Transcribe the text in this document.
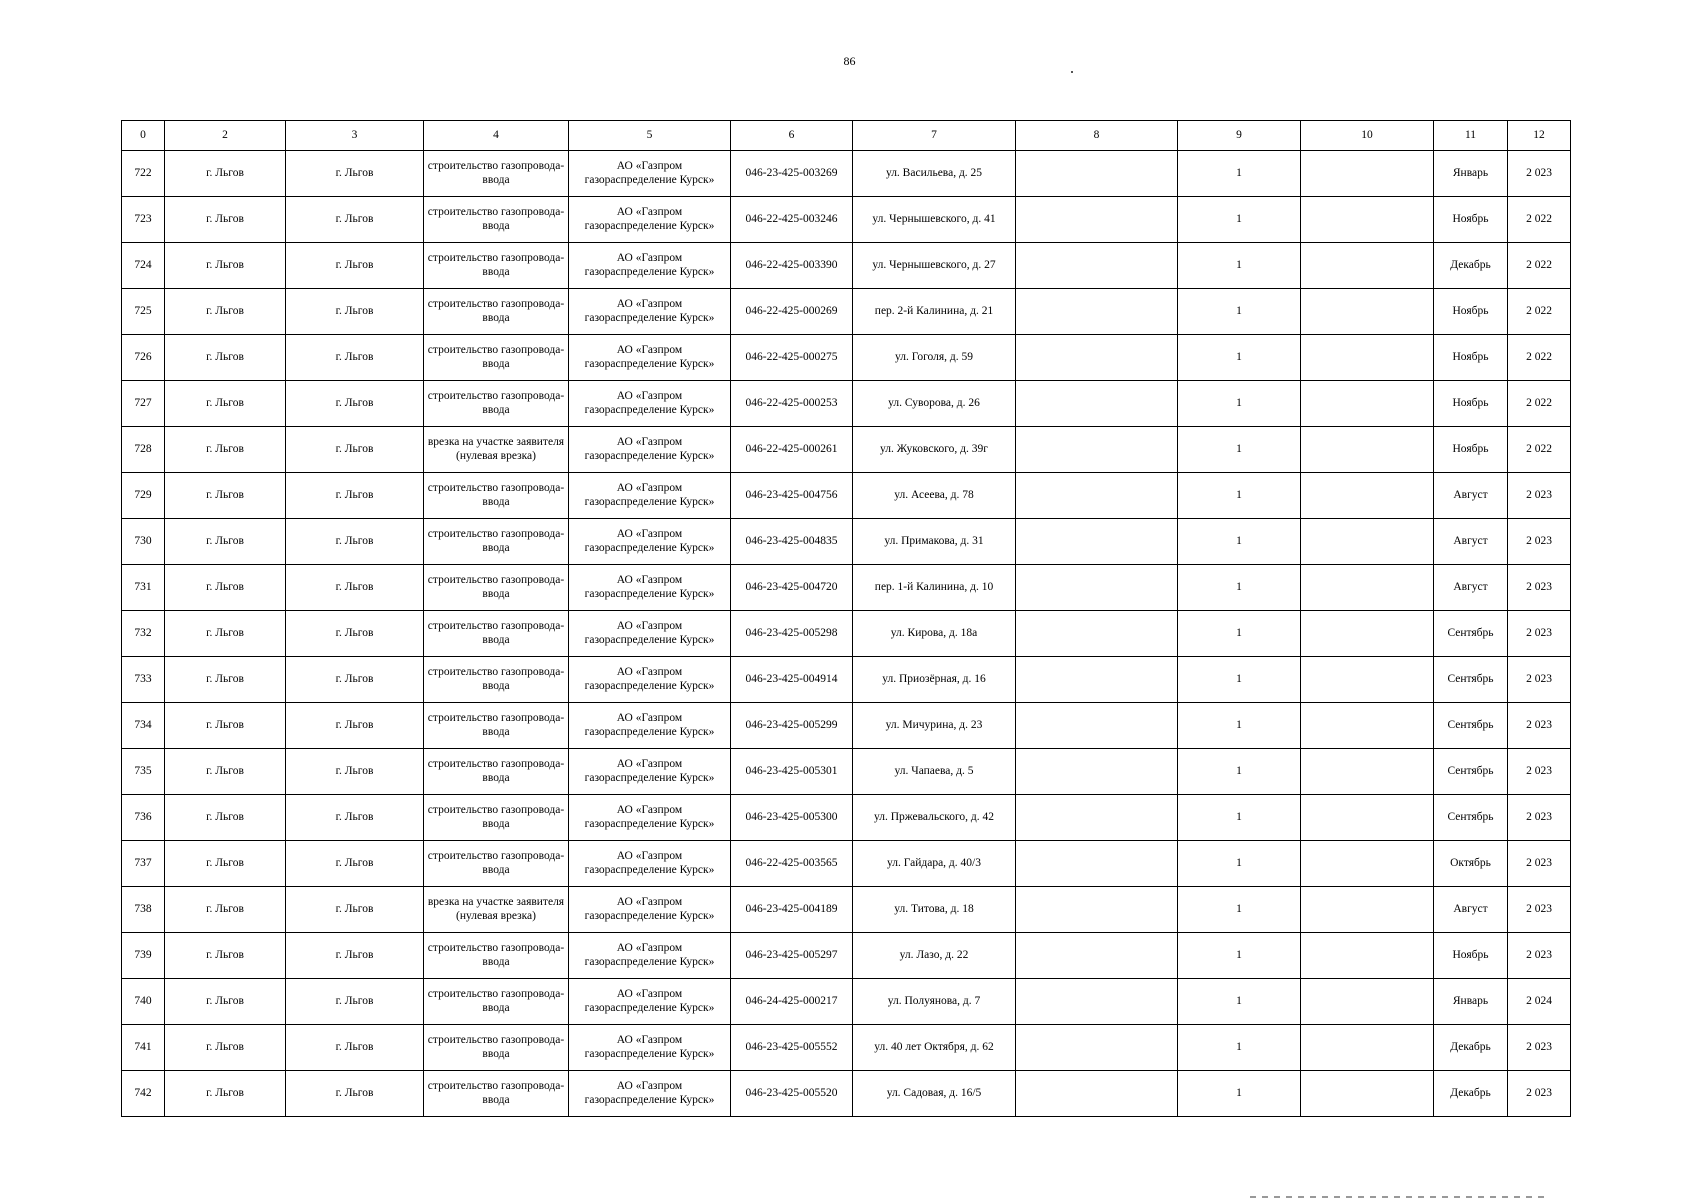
86
0	2	3	4	5	6	7	8	9	10	11	12
722	г. Льгов	г. Льгов	строительство газопровода-ввода	АО «Газпром газораспределение Курск»	046-23-425-003269	ул. Васильева, д. 25		1		Январь	2 023
723	г. Льгов	г. Льгов	строительство газопровода-ввода	АО «Газпром газораспределение Курск»	046-22-425-003246	ул. Чернышевского, д. 41		1		Ноябрь	2 022
724	г. Льгов	г. Льгов	строительство газопровода-ввода	АО «Газпром газораспределение Курск»	046-22-425-003390	ул. Чернышевского, д. 27		1		Декабрь	2 022
725	г. Льгов	г. Льгов	строительство газопровода-ввода	АО «Газпром газораспределение Курск»	046-22-425-000269	пер. 2-й Калинина, д. 21		1		Ноябрь	2 022
726	г. Льгов	г. Льгов	строительство газопровода-ввода	АО «Газпром газораспределение Курск»	046-22-425-000275	ул. Гоголя, д. 59		1		Ноябрь	2 022
727	г. Льгов	г. Льгов	строительство газопровода-ввода	АО «Газпром газораспределение Курск»	046-22-425-000253	ул. Суворова, д. 26		1		Ноябрь	2 022
728	г. Льгов	г. Льгов	врезка на участке заявителя (нулевая врезка)	АО «Газпром газораспределение Курск»	046-22-425-000261	ул. Жуковского, д. 39г		1		Ноябрь	2 022
729	г. Льгов	г. Льгов	строительство газопровода-ввода	АО «Газпром газораспределение Курск»	046-23-425-004756	ул. Асеева, д. 78		1		Август	2 023
730	г. Льгов	г. Льгов	строительство газопровода-ввода	АО «Газпром газораспределение Курск»	046-23-425-004835	ул. Примакова, д. 31		1		Август	2 023
731	г. Льгов	г. Льгов	строительство газопровода-ввода	АО «Газпром газораспределение Курск»	046-23-425-004720	пер. 1-й Калинина, д. 10		1		Август	2 023
732	г. Льгов	г. Льгов	строительство газопровода-ввода	АО «Газпром газораспределение Курск»	046-23-425-005298	ул. Кирова, д. 18а		1		Сентябрь	2 023
733	г. Льгов	г. Льгов	строительство газопровода-ввода	АО «Газпром газораспределение Курск»	046-23-425-004914	ул. Приозёрная, д. 16		1		Сентябрь	2 023
734	г. Льгов	г. Льгов	строительство газопровода-ввода	АО «Газпром газораспределение Курск»	046-23-425-005299	ул. Мичурина, д. 23		1		Сентябрь	2 023
735	г. Льгов	г. Льгов	строительство газопровода-ввода	АО «Газпром газораспределение Курск»	046-23-425-005301	ул. Чапаева, д. 5		1		Сентябрь	2 023
736	г. Льгов	г. Льгов	строительство газопровода-ввода	АО «Газпром газораспределение Курск»	046-23-425-005300	ул. Пржевальского, д. 42		1		Сентябрь	2 023
737	г. Льгов	г. Льгов	строительство газопровода-ввода	АО «Газпром газораспределение Курск»	046-22-425-003565	ул. Гайдара, д. 40/3		1		Октябрь	2 023
738	г. Льгов	г. Льгов	врезка на участке заявителя (нулевая врезка)	АО «Газпром газораспределение Курск»	046-23-425-004189	ул. Титова, д. 18		1		Август	2 023
739	г. Льгов	г. Льгов	строительство газопровода-ввода	АО «Газпром газораспределение Курск»	046-23-425-005297	ул. Лазо, д. 22		1		Ноябрь	2 023
740	г. Льгов	г. Льгов	строительство газопровода-ввода	АО «Газпром газораспределение Курск»	046-24-425-000217	ул. Полуянова, д. 7		1		Январь	2 024
741	г. Льгов	г. Льгов	строительство газопровода-ввода	АО «Газпром газораспределение Курск»	046-23-425-005552	ул. 40 лет Октября, д. 62		1		Декабрь	2 023
742	г. Льгов	г. Льгов	строительство газопровода-ввода	АО «Газпром газораспределение Курск»	046-23-425-005520	ул. Садовая, д. 16/5		1		Декабрь	2 023
